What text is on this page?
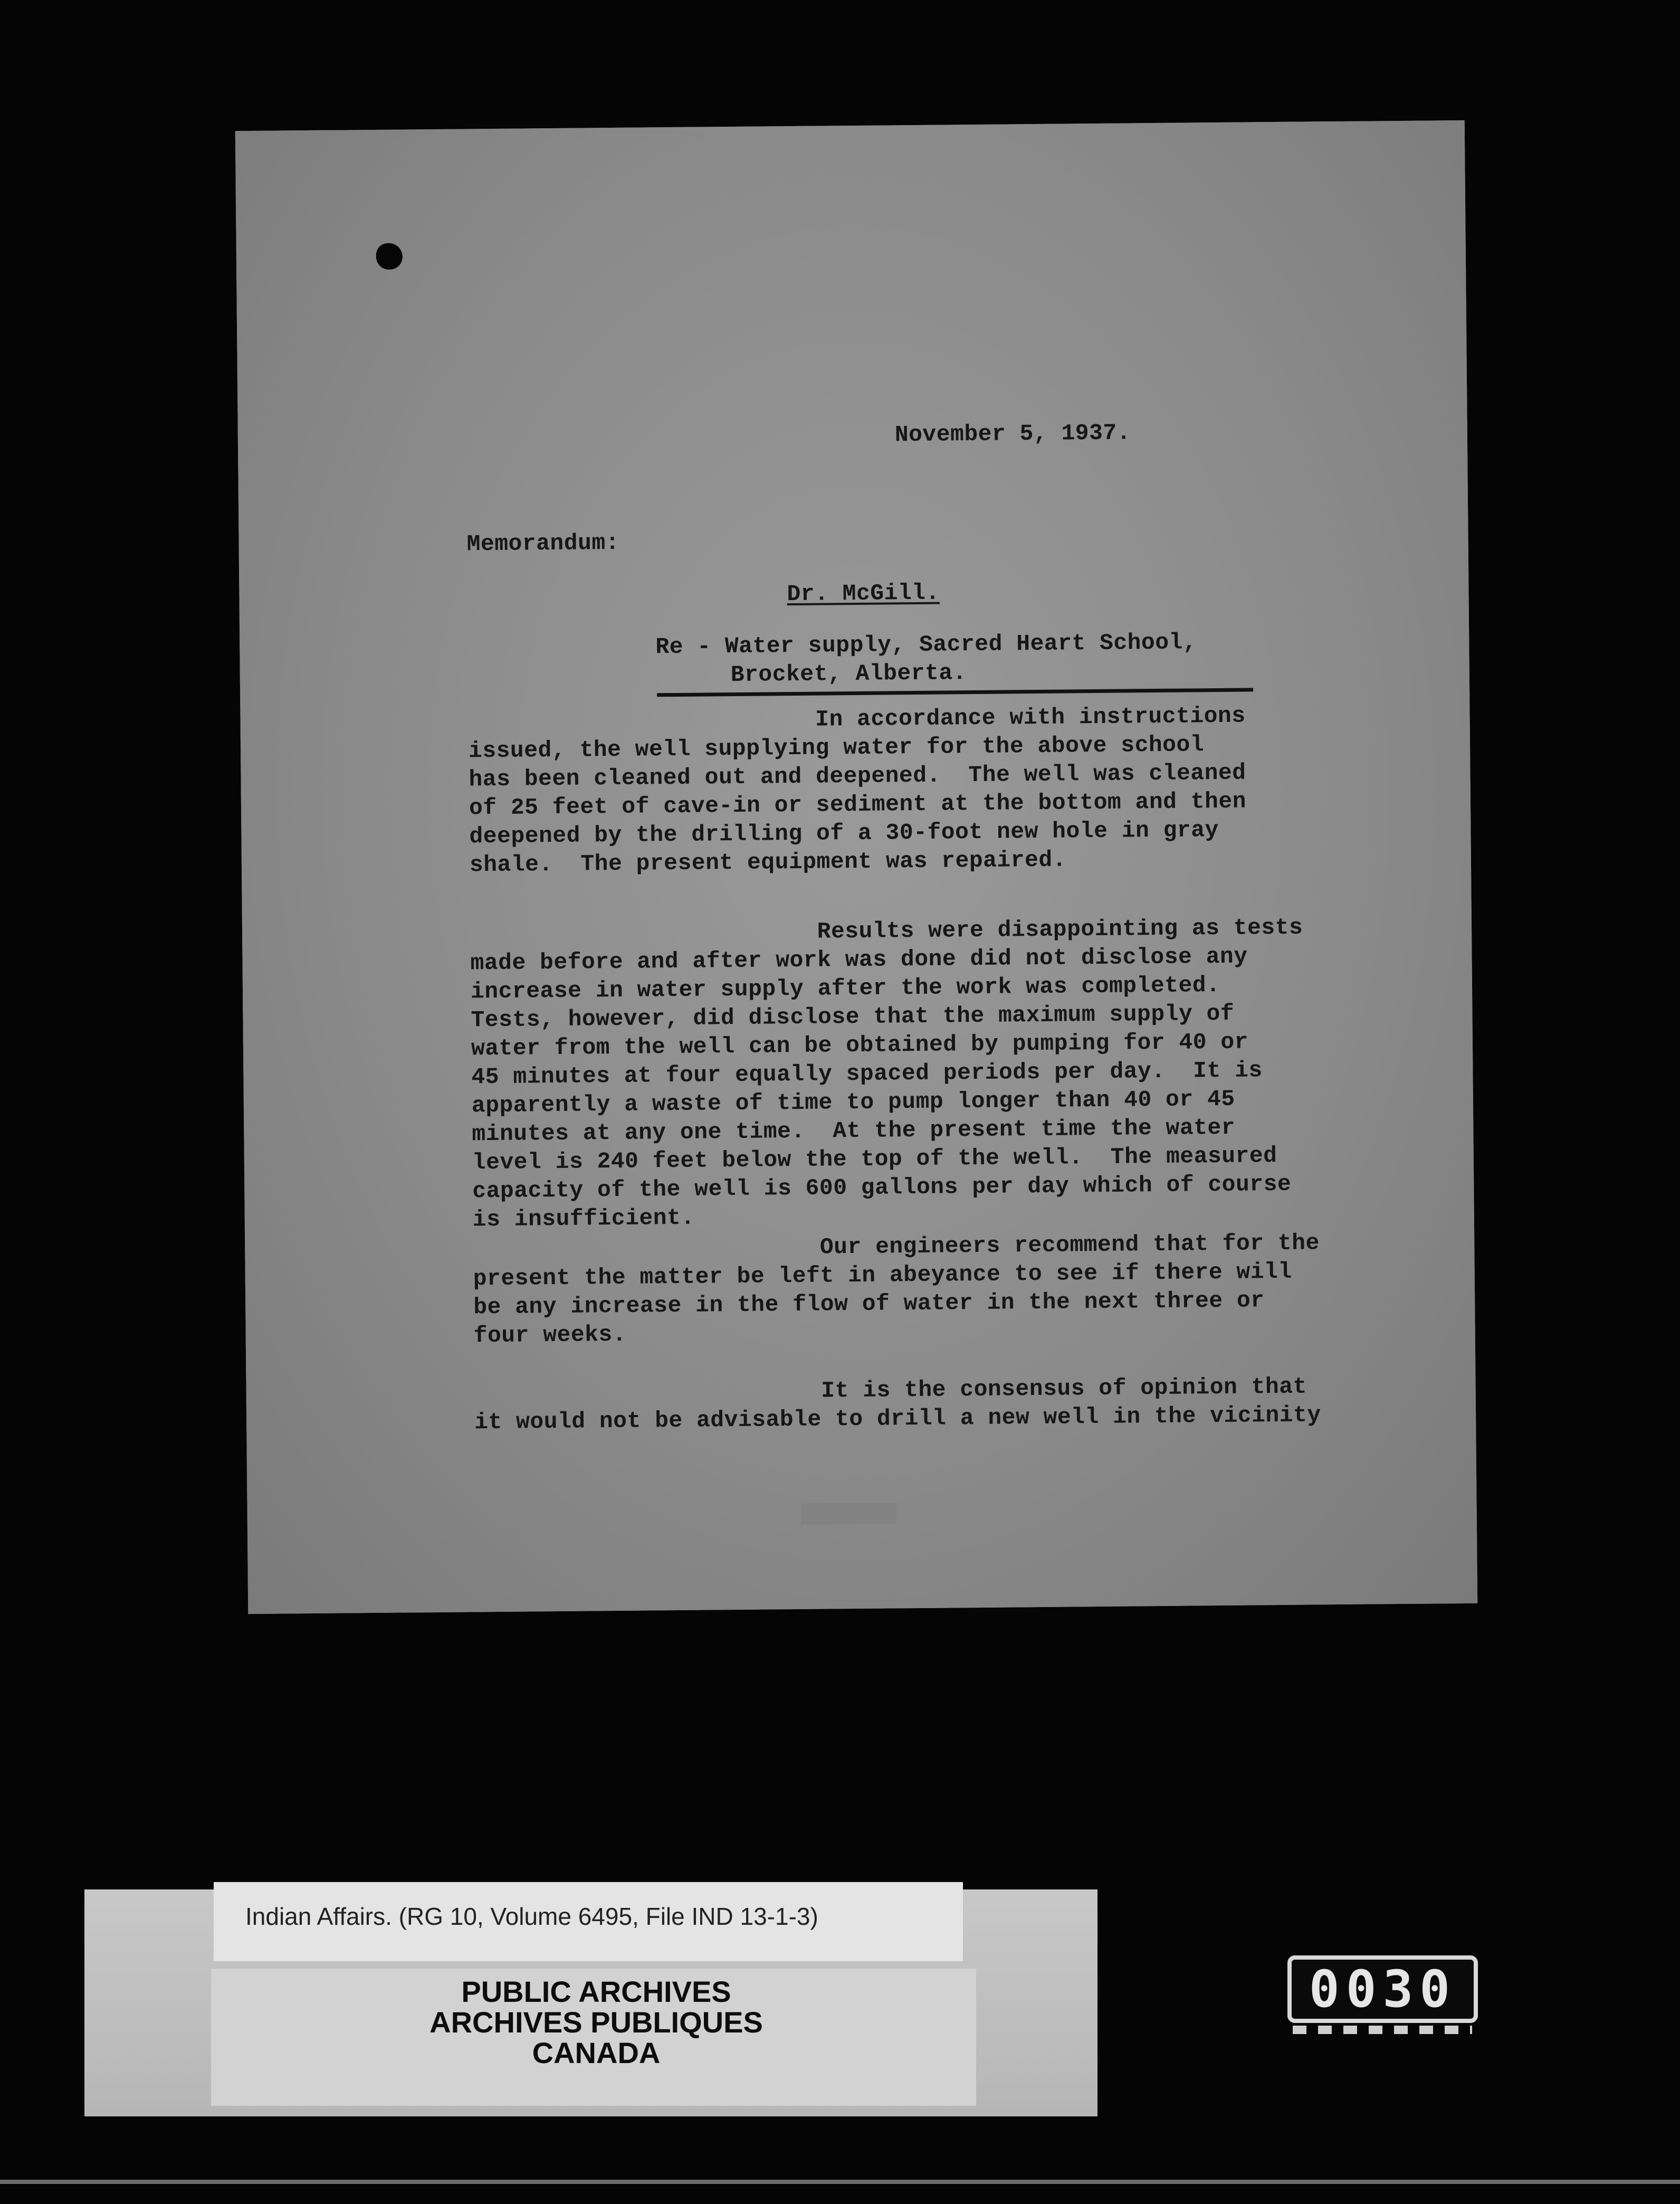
November 5, 1937.
Memorandum:
Dr. McGill.
Re - Water supply, Sacred Heart School,
Brocket, Alberta.
In accordance with instructions
issued, the well supplying water for the above school
has been cleaned out and deepened.  The well was cleaned
of 25 feet of cave-in or sediment at the bottom and then
deepened by the drilling of a 30-foot new hole in gray
shale.  The present equipment was repaired.
Results were disappointing as tests
made before and after work was done did not disclose any
increase in water supply after the work was completed.
Tests, however, did disclose that the maximum supply of
water from the well can be obtained by pumping for 40 or
45 minutes at four equally spaced periods per day.  It is
apparently a waste of time to pump longer than 40 or 45
minutes at any one time.  At the present time the water
level is 240 feet below the top of the well.  The measured
capacity of the well is 600 gallons per day which of course
is insufficient.
Our engineers recommend that for the
present the matter be left in abeyance to see if there will
be any increase in the flow of water in the next three or
four weeks.
It is the consensus of opinion that
it would not be advisable to drill a new well in the vicinity
Indian Affairs. (RG 10, Volume 6495, File IND 13-1-3)
PUBLIC ARCHIVES
ARCHIVES PUBLIQUES
CANADA
0030
